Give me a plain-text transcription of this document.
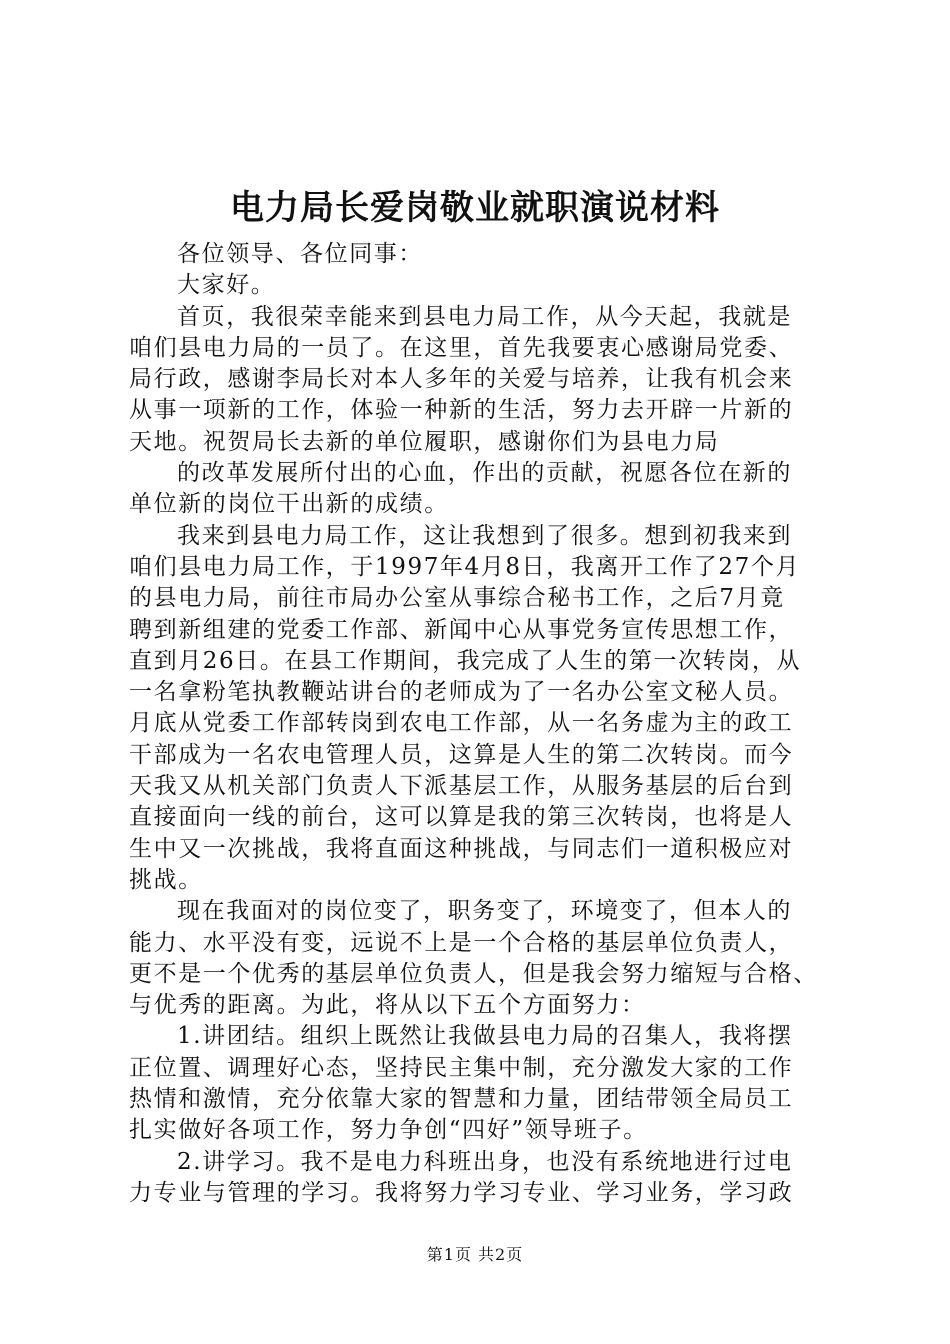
电力局长爱岗敬业就职演说材料
各位领导、各位同事：
大家好。
首页，我很荣幸能来到县电力局工作，从今天起，我就是
咱们县电力局的一员了。在这里，首先我要衷心感谢局党委、
局行政，感谢李局长对本人多年的关爱与培养，让我有机会来
从事一项新的工作，体验一种新的生活，努力去开辟一片新的
天地。祝贺局长去新的单位履职，感谢你们为县电力局
的改革发展所付出的心血，作出的贡献，祝愿各位在新的
单位新的岗位干出新的成绩。
我来到县电力局工作，这让我想到了很多。想到初我来到
咱们县电力局工作，于1997年4月8日，我离开工作了27个月
的县电力局，前往市局办公室从事综合秘书工作，之后7月竟
聘到新组建的党委工作部、新闻中心从事党务宣传思想工作，
直到月26日。在县工作期间，我完成了人生的第一次转岗，从
一名拿粉笔执教鞭站讲台的老师成为了一名办公室文秘人员。
月底从党委工作部转岗到农电工作部，从一名务虚为主的政工
干部成为一名农电管理人员，这算是人生的第二次转岗。而今
天我又从机关部门负责人下派基层工作，从服务基层的后台到
直接面向一线的前台，这可以算是我的第三次转岗，也将是人
生中又一次挑战，我将直面这种挑战，与同志们一道积极应对
挑战。
现在我面对的岗位变了，职务变了，环境变了，但本人的
能力、水平没有变，远说不上是一个合格的基层单位负责人，
更不是一个优秀的基层单位负责人，但是我会努力缩短与合格、
与优秀的距离。为此，将从以下五个方面努力：
1.讲团结。组织上既然让我做县电力局的召集人，我将摆
正位置、调理好心态，坚持民主集中制，充分激发大家的工作
热情和激情，充分依靠大家的智慧和力量，团结带领全局员工
扎实做好各项工作，努力争创“四好”领导班子。
2.讲学习。我不是电力科班出身，也没有系统地进行过电
力专业与管理的学习。我将努力学习专业、学习业务，学习政
第1页 共2页
